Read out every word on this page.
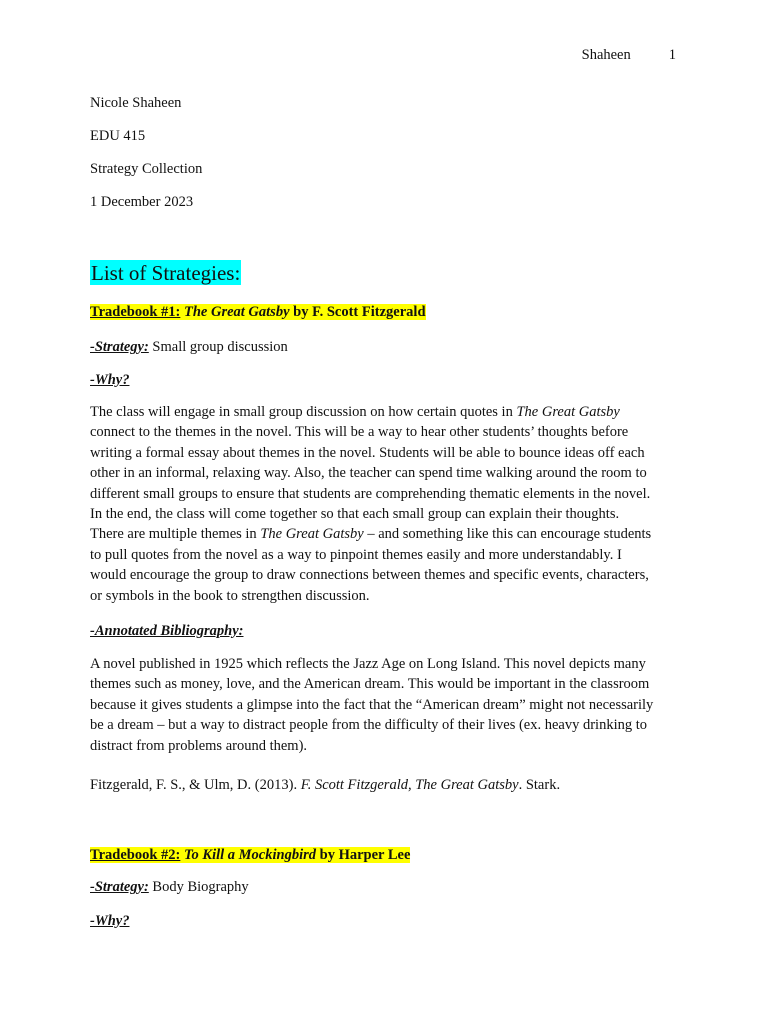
Shaheen	1

Nicole Shaheen

EDU 415

Strategy Collection

1 December 2023

List of Strategies:

Tradebook #1: The Great Gatsby by F. Scott Fitzgerald

-Strategy: Small group discussion

-Why?

The class will engage in small group discussion on how certain quotes in The Great Gatsby
connect to the themes in the novel. This will be a way to hear other students’ thoughts before
writing a formal essay about themes in the novel. Students will be able to bounce ideas off each
other in an informal, relaxing way. Also, the teacher can spend time walking around the room to
different small groups to ensure that students are comprehending thematic elements in the novel.
In the end, the class will come together so that each small group can explain their thoughts.
There are multiple themes in The Great Gatsby – and something like this can encourage students
to pull quotes from the novel as a way to pinpoint themes easily and more understandably. I
would encourage the group to draw connections between themes and specific events, characters,
or symbols in the book to strengthen discussion.

-Annotated Bibliography:

A novel published in 1925 which reflects the Jazz Age on Long Island. This novel depicts many
themes such as money, love, and the American dream. This would be important in the classroom
because it gives students a glimpse into the fact that the “American dream” might not necessarily
be a dream – but a way to distract people from the difficulty of their lives (ex. heavy drinking to
distract from problems around them).

Fitzgerald, F. S., & Ulm, D. (2013). F. Scott Fitzgerald, The Great Gatsby. Stark.

Tradebook #2: To Kill a Mockingbird by Harper Lee

-Strategy: Body Biography

-Why?
